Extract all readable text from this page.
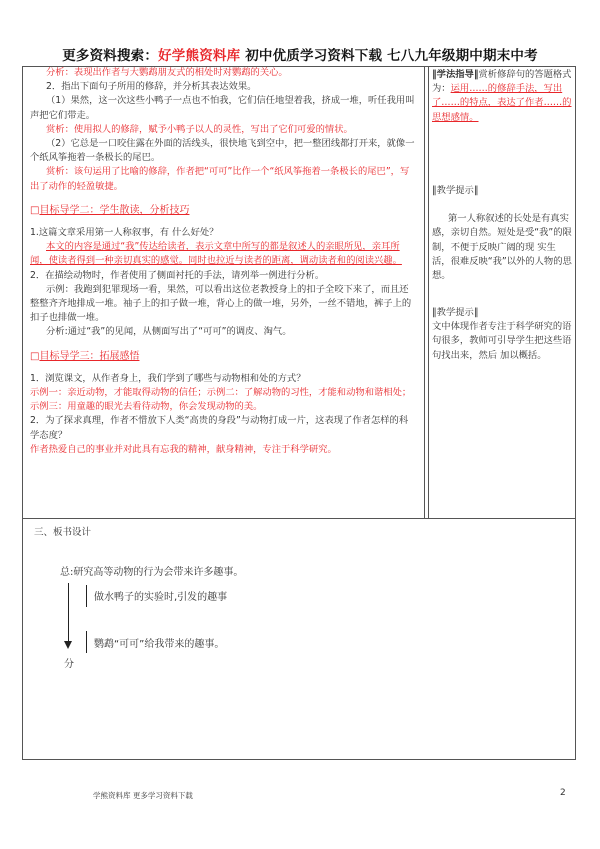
更多资料搜索：好学熊资料库 初中优质学习资料下载 七八九年级期中期末中考

分析：表现出作者与大鹦鹉朋友式的相处时对鹦鹉的关心。

2．指出下面句子所用的修辞，并分析其表达效果。

（1）果然，这一次这些小鸭子一点也不怕我，它们信任地望着我，挤成一堆，听任我用叫声把它们带走。

赏析：使用拟人的修辞，赋予小鸭子以人的灵性，写出了它们可爱的情状。

（2）它总是一口咬住露在外面的活线头，很快地飞到空中，把一整团线都打开来，就像一个纸风筝拖着一条极长的尾巴。

赏析：该句运用了比喻的修辞，作者把“可可”比作一个“纸风筝拖着一条极长的尾巴”，写出了动作的轻盈敏捷。

□目标导学二：学生散读，分析技巧

1.这篇文章采用第一人称叙事，有 什么好处？

本文的内容是通过“我”传达给读者，表示文章中所写的都是叙述人的亲眼所见，亲耳所闻，使读者得到一种亲切真实的感觉。同时也拉近与读者的距离，调动读者和的阅读兴趣。

2．在描绘动物时，作者使用了侧面衬托的手法，请列举一例进行分析。

示例：我跑到犯罪现场一看，果然，可以看出这位老教授身上的扣子全咬下来了，而且还整整齐齐地排成一堆。袖子上的扣子做一堆，背心上的做一堆，另外，一丝不错地，裤子上的扣子也排做一堆。

分析:通过“我”的见闻，从侧面写出了“可可”的调皮、淘气。

□目标导学三：拓展感悟

1．浏览课文，从作者身上，我们学到了哪些与动物相和处的方式？

示例一：亲近动物，才能取得动物的信任；示例二：了解动物的习性，才能和动物和谐相处；示例三：用童趣的眼光去看待动物，你会发现动物的美。

2．为了探求真理，作者不惜放下人类“高贵的身段”与动物打成一片，这表现了作者怎样的科学态度？

作者热爱自己的事业并对此具有忘我的精神，献身精神，专注于科学研究。

‖学法指导‖赏析修辞句的答题格式为：运用……的修辞手法，写出了……的特点，表达了作者……的思想感情。

‖教学提示‖

第一人称叙述的长处是有真实感，亲切自然。短处是受“我”的限制，不便于反映广阔的现 实生活，很难反映“我”以外的人物的思想。

‖教学提示‖

文中体现作者专注于科学研究的语句很多，教师可引导学生把这些语句找出来，然后 加以概括。

三、板书设计
总:研究高等动物的行为会带来许多趣事。
分
做水鸭子的实验时,引发的趣事
鹦鹉“可可”给我带来的趣事。
学熊资料库 更多学习资料下载	2
